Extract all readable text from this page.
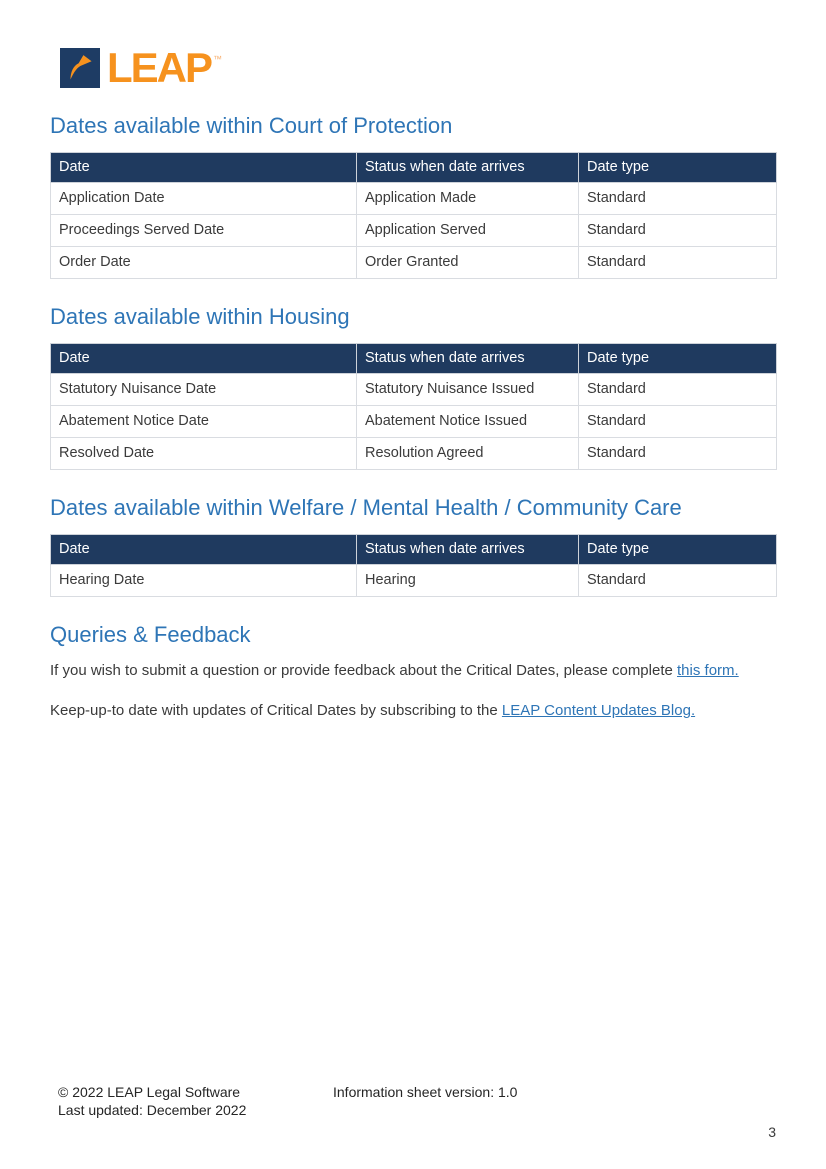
LEAP ™
Dates available within Court of Protection
Date	Status when date arrives	Date type
Application Date	Application Made	Standard
Proceedings Served Date	Application Served	Standard
Order Date	Order Granted	Standard
Dates available within Housing
Date	Status when date arrives	Date type
Statutory Nuisance Date	Statutory Nuisance Issued	Standard
Abatement Notice Date	Abatement Notice Issued	Standard
Resolved Date	Resolution Agreed	Standard
Dates available within Welfare / Mental Health / Community Care
Date	Status when date arrives	Date type
Hearing Date	Hearing	Standard
Queries & Feedback

If you wish to submit a question or provide feedback about the Critical Dates, please complete this form.

Keep-up-to date with updates of Critical Dates by subscribing to the LEAP Content Updates Blog.

© 2022 LEAP Legal Software
Last updated: December 2022
Information sheet version: 1.0
3
